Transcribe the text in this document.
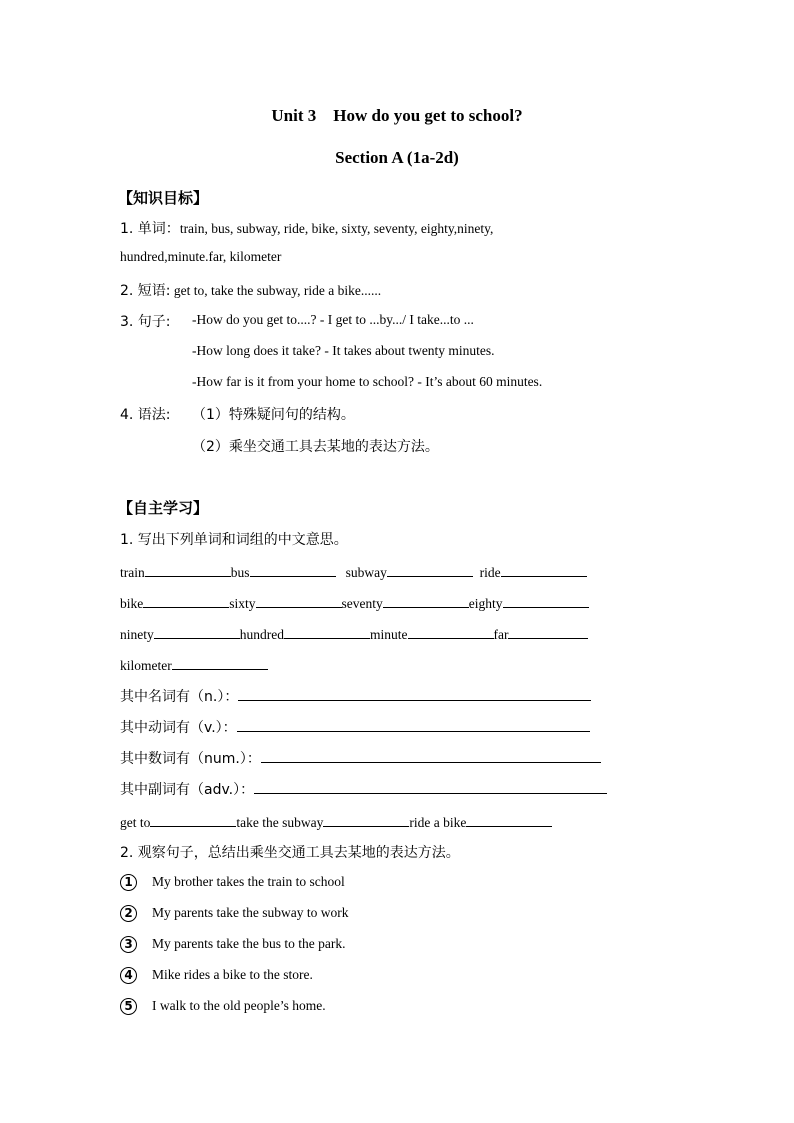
Unit 3 How do you get to school?
Section A (1a-2d)
【知识目标】
1. 单词：train, bus, subway, ride, bike, sixty, seventy, eighty,ninety,
hundred,minute.far, kilometer
2. 短语: get to, take the subway, ride a bike......
3. 句子: -How do you get to....? - I get to ...by.../ I take...to ...
-How long does it take? - It takes about twenty minutes.
-How far is it from your home to school? - It’s about 60 minutes.
4. 语法: （1）特殊疑问句的结构。
（2）乘坐交通工具去某地的表达方法。
【自主学习】
1. 写出下列单词和词组的中文意思。
train	bus	subway	ride
bike	sixty	seventy	eighty
ninety	hundred	minute	far
kilometer
其中名词有（n.）：
其中动词有（v.）：
其中数词有（num.）：
其中副词有（adv.）：
get to	take the subway	ride a bike
2. 观察句子，总结出乘坐交通工具去某地的表达方法。
1 My brother takes the train to school
2 My parents take the subway to work
3 My parents take the bus to the park.
4 Mike rides a bike to the store.
5 I walk to the old people’s home.
